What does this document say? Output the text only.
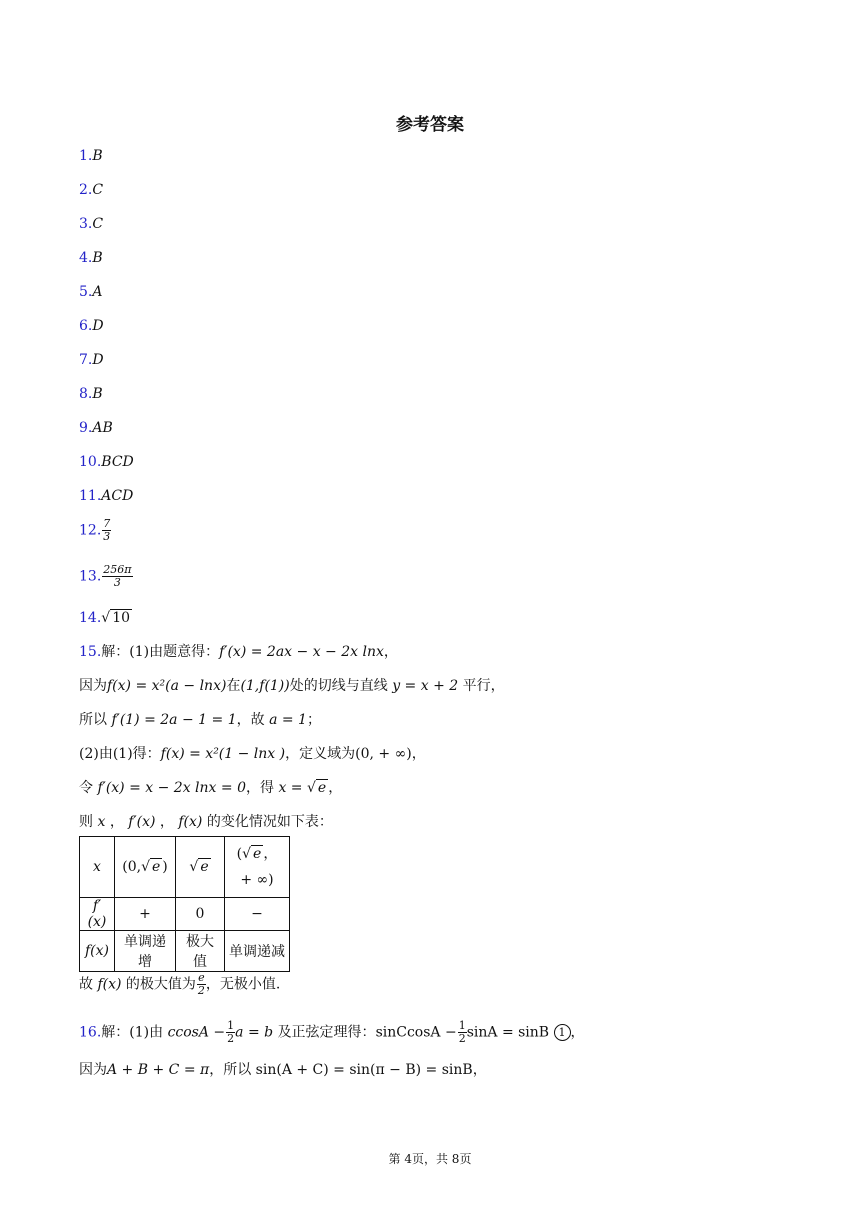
参考答案
1.B
2.C
3.C
4.B
5.A
6.D
7.D
8.B
9.AB
10.BCD
11.ACD
12. $\frac{7}{3}$
13. $\frac{256\pi}{3}$
14.√ 10
15.解：(1)由题意得：f′(x) = 2ax − x − 2x lnx，
因为f(x) = x²(a − lnx)在(1,f(1))处的切线与直线 y = x + 2 平行，
所以 f′(1) = 2a − 1 = 1，故 a = 1；
(2)由(1)得：f(x) = x²(1 − lnx )，定义域为(0, + ∞)，
令 f′(x) = x − 2x lnx = 0，得 x = √ e ，
则 x ， f′(x) ， f(x) 的变化情况如下表：
x	(0,√ e )	√ e	(√ e ，
+ ∞)
f′(x)	+	0	−
f(x)	单调递增	极大值	单调递减
故 f(x) 的极大值为 $\frac{e}{2}$ ，无极小值.
16.解：(1)由 $ccosA - \frac{1}{2}$ a = b 及正弦定理得：sinCcosA − $\frac{1}{2}$ sinA = sinB 1 ，
因为A + B + C = π，所以 sin(A + C) = sin(π − B) = sinB，
第 4页，共 8页
